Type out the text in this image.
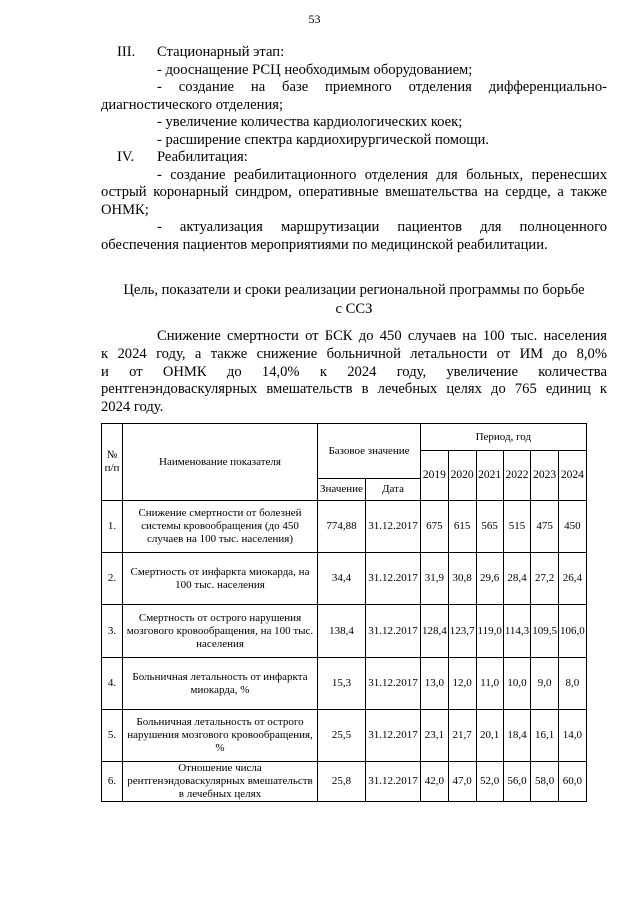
53

III.	Стационарный этап:

- дооснащение РСЦ необходимым оборудованием;

- создание на базе приемного отделения дифференциально-

диагностического отделения;

- увеличение количества кардиологических коек;

- расширение спектра кардиохирургической помощи.

IV.	Реабилитация:

- создание реабилитационного отделения для больных, перенесших

острый коронарный синдром, оперативные вмешательства на сердце, а также

ОНМК;

- актуализация маршрутизации пациентов для полноценного

обеспечения пациентов мероприятиями по медицинской реабилитации.

Цель, показатели и сроки реализации региональной программы по борьбе
с ССЗ

Снижение смертности от БСК до 450 случаев на 100 тыс. населения

к 2024 году, а также снижение больничной летальности от ИМ до 8,0%

и от ОНМК до 14,0% к 2024 году, увеличение количества

рентгенэндоваскулярных вмешательств в лечебных целях до 765 единиц к

2024 году.

№ п/п	Наименование показателя	Базовое значение		Период, год					
				2019	2020	2021	2022	2023	2024
		Значение	Дата						
1.	Снижение смертности от болезней системы кровообращения (до 450 случаев на 100 тыс. населения)	774,88	31.12.2017	675	615	565	515	475	450
2.	Смертность от инфаркта миокарда, на 100 тыс. населения	34,4	31.12.2017	31,9	30,8	29,6	28,4	27,2	26,4
3.	Смертность от острого нарушения мозгового кровообращения, на 100 тыс. населения	138,4	31.12.2017	128,4	123,7	119,0	114,3	109,5	106,0
4.	Больничная летальность от инфаркта миокарда, %	15,3	31.12.2017	13,0	12,0	11,0	10,0	9,0	8,0
5.	Больничная летальность от острого нарушения мозгового кровообращения, %	25,5	31.12.2017	23,1	21,7	20,1	18,4	16,1	14,0
6.	Отношение числа рентгенэндоваскулярных вмешательств в лечебных целях	25,8	31.12.2017	42,0	47,0	52,0	56,0	58,0	60,0
